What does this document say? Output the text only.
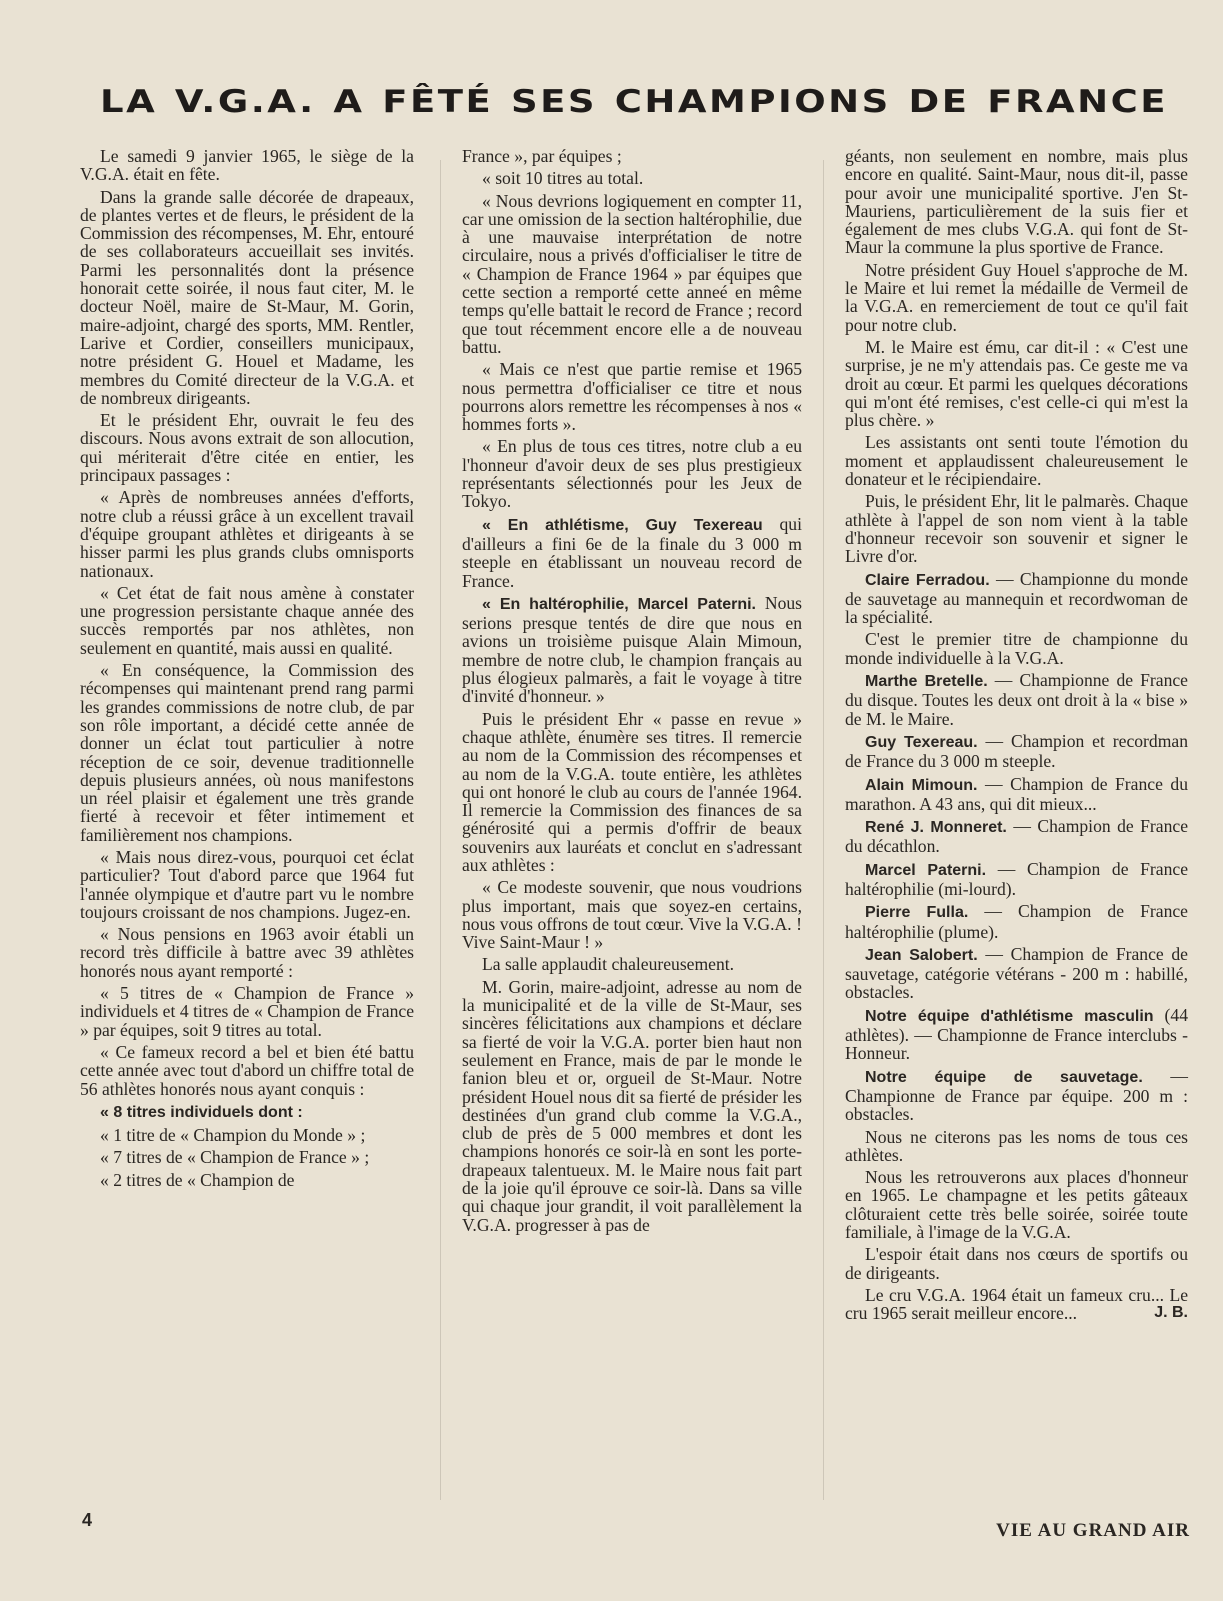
LA V.G.A. A FÊTÉ SES CHAMPIONS DE FRANCE

Le samedi 9 janvier 1965, le siège de la V.G.A. était en fête.

Dans la grande salle décorée de drapeaux, de plantes vertes et de fleurs, le président de la Commission des récompenses, M. Ehr, entouré de ses collaborateurs accueillait ses invités. Parmi les personnalités dont la présence honorait cette soirée, il nous faut citer, M. le docteur Noël, maire de St-Maur, M. Gorin, maire-adjoint, chargé des sports, MM. Rentler, Larive et Cordier, conseillers municipaux, notre président G. Houel et Madame, les membres du Comité directeur de la V.G.A. et de nombreux dirigeants.

Et le président Ehr, ouvrait le feu des discours. Nous avons extrait de son allocution, qui mériterait d'être citée en entier, les principaux passages :

« Après de nombreuses années d'efforts, notre club a réussi grâce à un excellent travail d'équipe groupant athlètes et dirigeants à se hisser parmi les plus grands clubs omnisports nationaux.

« Cet état de fait nous amène à constater une progression persistante chaque année des succès remportés par nos athlètes, non seulement en quantité, mais aussi en qualité.

« En conséquence, la Commission des récompenses qui maintenant prend rang parmi les grandes commissions de notre club, de par son rôle important, a décidé cette année de donner un éclat tout particulier à notre réception de ce soir, devenue traditionnelle depuis plusieurs années, où nous manifestons un réel plaisir et également une très grande fierté à recevoir et fêter intimement et familièrement nos champions.

« Mais nous direz-vous, pourquoi cet éclat particulier? Tout d'abord parce que 1964 fut l'année olympique et d'autre part vu le nombre toujours croissant de nos champions. Jugez-en.

« Nous pensions en 1963 avoir établi un record très difficile à battre avec 39 athlètes honorés nous ayant remporté :

« 5 titres de « Champion de France » individuels et 4 titres de « Champion de France » par équipes, soit 9 titres au total.

« Ce fameux record a bel et bien été battu cette année avec tout d'abord un chiffre total de 56 athlètes honorés nous ayant conquis :

« 8 titres individuels dont :

« 1 titre de « Champion du Monde » ;

« 7 titres de « Champion de France » ;

« 2 titres de « Champion de

France », par équipes ;

« soit 10 titres au total.

« Nous devrions logiquement en compter 11, car une omission de la section haltérophilie, due à une mauvaise interprétation de notre circulaire, nous a privés d'officialiser le titre de « Champion de France 1964 » par équipes que cette section a remporté cette anneé en même temps qu'elle battait le record de France ; record que tout récemment encore elle a de nouveau battu.

« Mais ce n'est que partie remise et 1965 nous permettra d'officialiser ce titre et nous pourrons alors remettre les récompenses à nos « hommes forts ».

« En plus de tous ces titres, notre club a eu l'honneur d'avoir deux de ses plus prestigieux représentants sélectionnés pour les Jeux de Tokyo.

« En athlétisme, Guy Texereau qui d'ailleurs a fini 6e de la finale du 3 000 m steeple en établissant un nouveau record de France.

« En haltérophilie, Marcel Paterni. Nous serions presque tentés de dire que nous en avions un troisième puisque Alain Mimoun, membre de notre club, le champion français au plus élogieux palmarès, a fait le voyage à titre d'invité d'honneur. »

Puis le président Ehr « passe en revue » chaque athlète, énumère ses titres. Il remercie au nom de la Commission des récompenses et au nom de la V.G.A. toute entière, les athlètes qui ont honoré le club au cours de l'année 1964. Il remercie la Commission des finances de sa générosité qui a permis d'offrir de beaux souvenirs aux lauréats et conclut en s'adressant aux athlètes :

« Ce modeste souvenir, que nous voudrions plus important, mais que soyez-en certains, nous vous offrons de tout cœur. Vive la V.G.A. ! Vive Saint-Maur ! »

La salle applaudit chaleureusement.

M. Gorin, maire-adjoint, adresse au nom de la municipalité et de la ville de St-Maur, ses sincères félicitations aux champions et déclare sa fierté de voir la V.G.A. porter bien haut non seulement en France, mais de par le monde le fanion bleu et or, orgueil de St-Maur. Notre président Houel nous dit sa fierté de présider les destinées d'un grand club comme la V.G.A., club de près de 5 000 membres et dont les champions honorés ce soir-là en sont les porte-drapeaux talentueux. M. le Maire nous fait part de la joie qu'il éprouve ce soir-là. Dans sa ville qui chaque jour grandit, il voit parallèlement la V.G.A. progresser à pas de

géants, non seulement en nombre, mais plus encore en qualité. Saint-Maur, nous dit-il, passe pour avoir une municipalité sportive. J'en St-Mauriens, particulièrement de la suis fier et également de mes clubs V.G.A. qui font de St-Maur la commune la plus sportive de France.

Notre président Guy Houel s'approche de M. le Maire et lui remet la médaille de Vermeil de la V.G.A. en remerciement de tout ce qu'il fait pour notre club.

M. le Maire est ému, car dit-il : « C'est une surprise, je ne m'y attendais pas. Ce geste me va droit au cœur. Et parmi les quelques décorations qui m'ont été remises, c'est celle-ci qui m'est la plus chère. »

Les assistants ont senti toute l'émotion du moment et applaudissent chaleureusement le donateur et le récipiendaire.

Puis, le président Ehr, lit le palmarès. Chaque athlète à l'appel de son nom vient à la table d'honneur recevoir son souvenir et signer le Livre d'or.

Claire Ferradou. — Championne du monde de sauvetage au mannequin et recordwoman de la spécialité.

C'est le premier titre de championne du monde individuelle à la V.G.A.

Marthe Bretelle. — Championne de France du disque. Toutes les deux ont droit à la « bise » de M. le Maire.

Guy Texereau. — Champion et recordman de France du 3 000 m steeple.

Alain Mimoun. — Champion de France du marathon. A 43 ans, qui dit mieux...

René J. Monneret. — Champion de France du décathlon.

Marcel Paterni. — Champion de France haltérophilie (mi-lourd).

Pierre Fulla. — Champion de France haltérophilie (plume).

Jean Salobert. — Champion de France de sauvetage, catégorie vétérans - 200 m : habillé, obstacles.

Notre équipe d'athlétisme masculin (44 athlètes). — Championne de France interclubs - Honneur.

Notre équipe de sauvetage. — Championne de France par équipe. 200 m : obstacles.

Nous ne citerons pas les noms de tous ces athlètes.

Nous les retrouverons aux places d'honneur en 1965. Le champagne et les petits gâteaux clôturaient cette très belle soirée, soirée toute familiale, à l'image de la V.G.A.

L'espoir était dans nos cœurs de sportifs ou de dirigeants.

Le cru V.G.A. 1964 était un fameux cru... Le cru 1965 serait meilleur encore...	J. B.

4	VIE AU GRAND AIR
